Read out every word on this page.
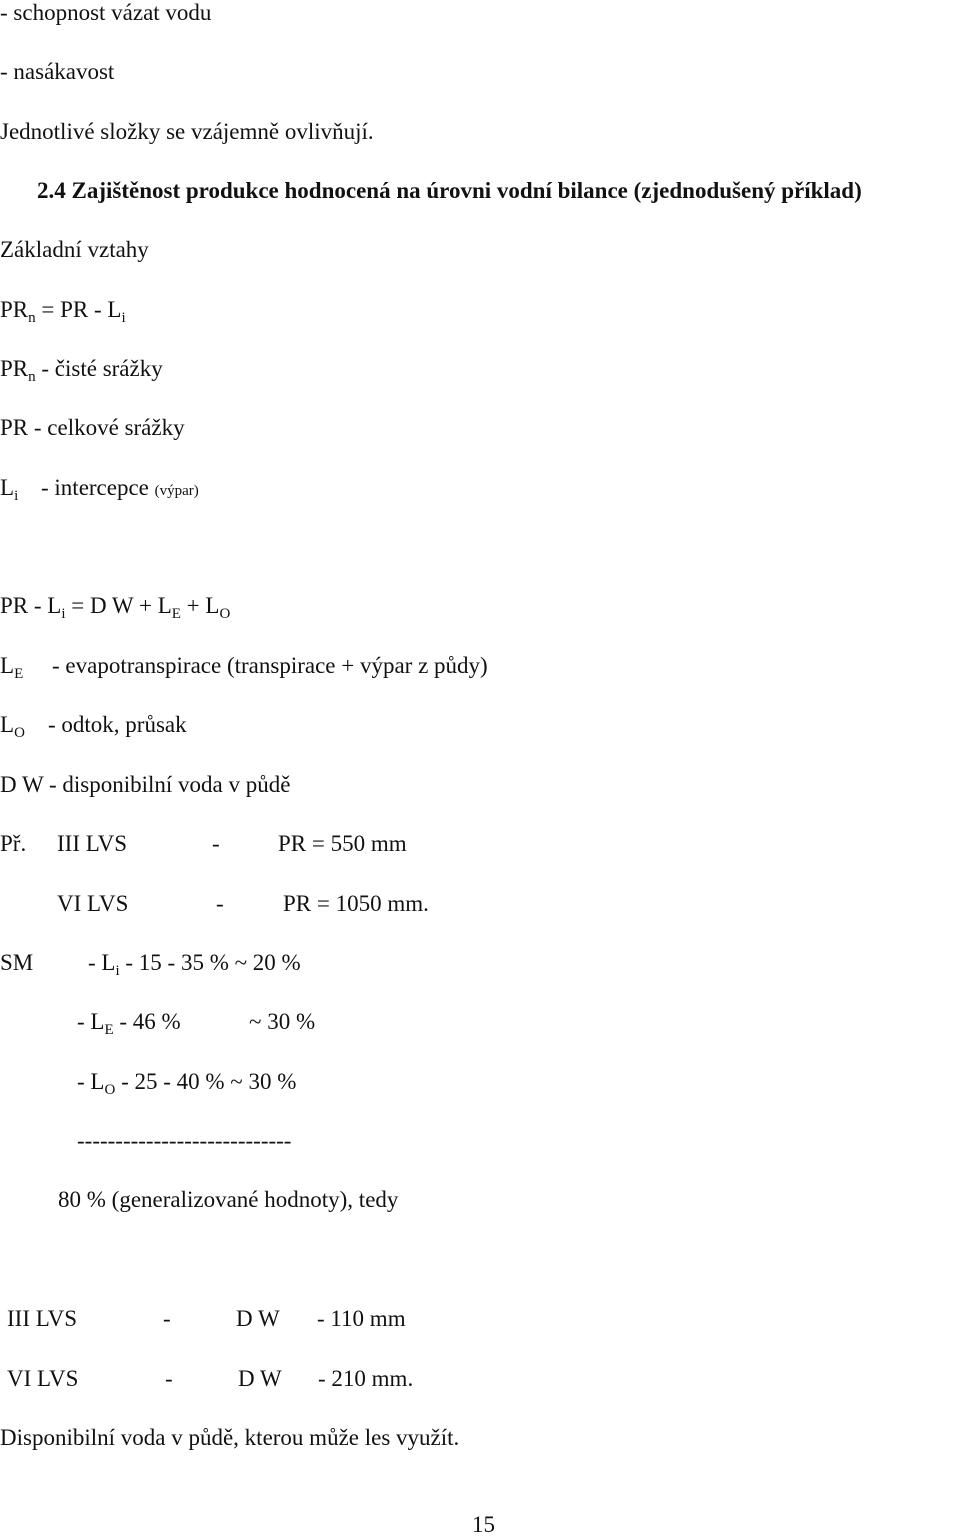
- schopnost vázat vodu
- nasákavost
Jednotlivé složky se vzájemně ovlivňují.
2.4 Zajištěnost produkce hodnocená na úrovni vodní bilance (zjednodušený příklad)
Základní vztahy
$PR_n$ = PR - $L_i$
$PR_n$ - čisté srážky
PR - celkové srážky
$L_i$ - intercepce (výpar)
PR - $L_i = D$ $W + L_E + L_O$
$L_E$ - evapotranspirace (transpirace + výpar z půdy)
$L_O$ - odtok, průsak
D W - disponibilní voda v půdě
Př. III LVS	-	PR = 550 mm
VI LVS	-	PR = 1050 mm.
SM - $L_i - 15 - 35$ % ~ 20 %
- $L_E - 46$ %	~ 30 %
- $L_O - 25 - 40$ % ~ 30 %
----------------------------
80 % (generalizované hodnoty), tedy
III LVS	-	D W - 110 mm
VI LVS	-	D W - 210 mm.
Disponibilní voda v půdě, kterou může les využít.
15
